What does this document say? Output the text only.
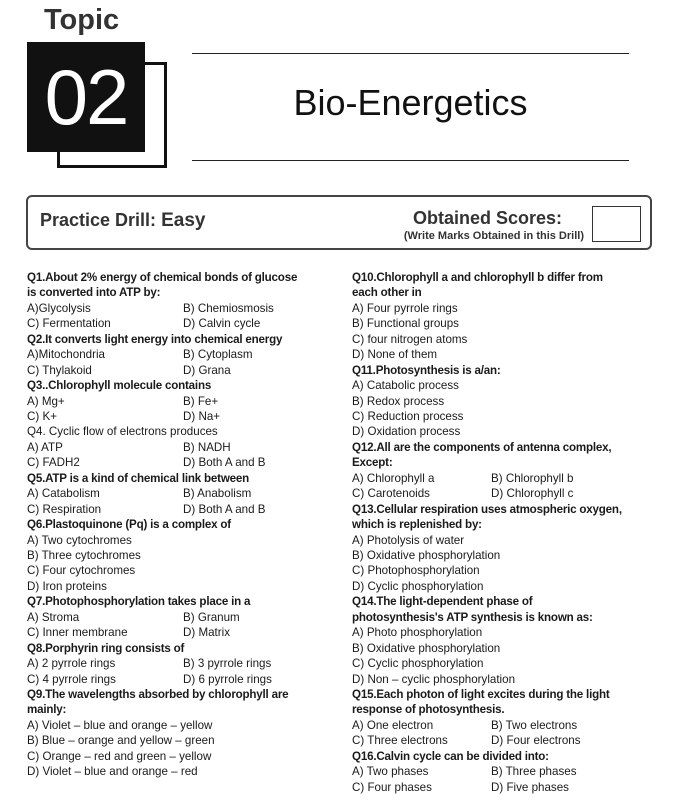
Topic
02	Bio-Energetics
Practice Drill: Easy	Obtained Scores:
(Write Marks Obtained in this Drill)
Q1.About 2% energy of chemical bonds of glucose
is converted into ATP by:
A)Glycolysis	B) Chemiosmosis
C) Fermentation	D) Calvin cycle
Q2.It converts light energy into chemical energy
A)Mitochondria	B) Cytoplasm
C) Thylakoid	D) Grana
Q3..Chlorophyll molecule contains
A) Mg+	B) Fe+
C) K+	D) Na+
Q4. Cyclic flow of electrons produces
A) ATP	B) NADH
C) FADH2	D) Both A and B
Q5.ATP is a kind of chemical link between
A) Catabolism	B) Anabolism
C) Respiration	D) Both A and B
Q6.Plastoquinone (Pq) is a complex of
A) Two cytochromes
B) Three cytochromes
C) Four cytochromes
D) Iron proteins
Q7.Photophosphorylation takes place in a
A) Stroma	B) Granum
C) Inner membrane	D) Matrix
Q8.Porphyrin ring consists of
A) 2 pyrrole rings	B) 3 pyrrole rings
C) 4 pyrrole rings	D) 6 pyrrole rings
Q9.The wavelengths absorbed by chlorophyll are
mainly:
A) Violet – blue and orange – yellow
B) Blue – orange and yellow – green
C) Orange – red and green – yellow
D) Violet – blue and orange – red
Q10.Chlorophyll a and chlorophyll b differ from
each other in
A) Four pyrrole rings
B) Functional groups
C) four nitrogen atoms
D) None of them
Q11.Photosynthesis is a/an:
A) Catabolic process
B) Redox process
C) Reduction process
D) Oxidation process
Q12.All are the components of antenna complex,
Except:
A) Chlorophyll a	B) Chlorophyll b
C) Carotenoids	D) Chlorophyll c
Q13.Cellular respiration uses atmospheric oxygen,
which is replenished by:
A) Photolysis of water
B) Oxidative phosphorylation
C) Photophosphorylation
D) Cyclic phosphorylation
Q14.The light-dependent phase of
photosynthesis's ATP synthesis is known as:
A) Photo phosphorylation
B) Oxidative phosphorylation
C) Cyclic phosphorylation
D) Non – cyclic phosphorylation
Q15.Each photon of light excites during the light
response of photosynthesis.
A) One electron	B) Two electrons
C) Three electrons	D) Four electrons
Q16.Calvin cycle can be divided into:
A) Two phases	B) Three phases
C) Four phases	D) Five phases
